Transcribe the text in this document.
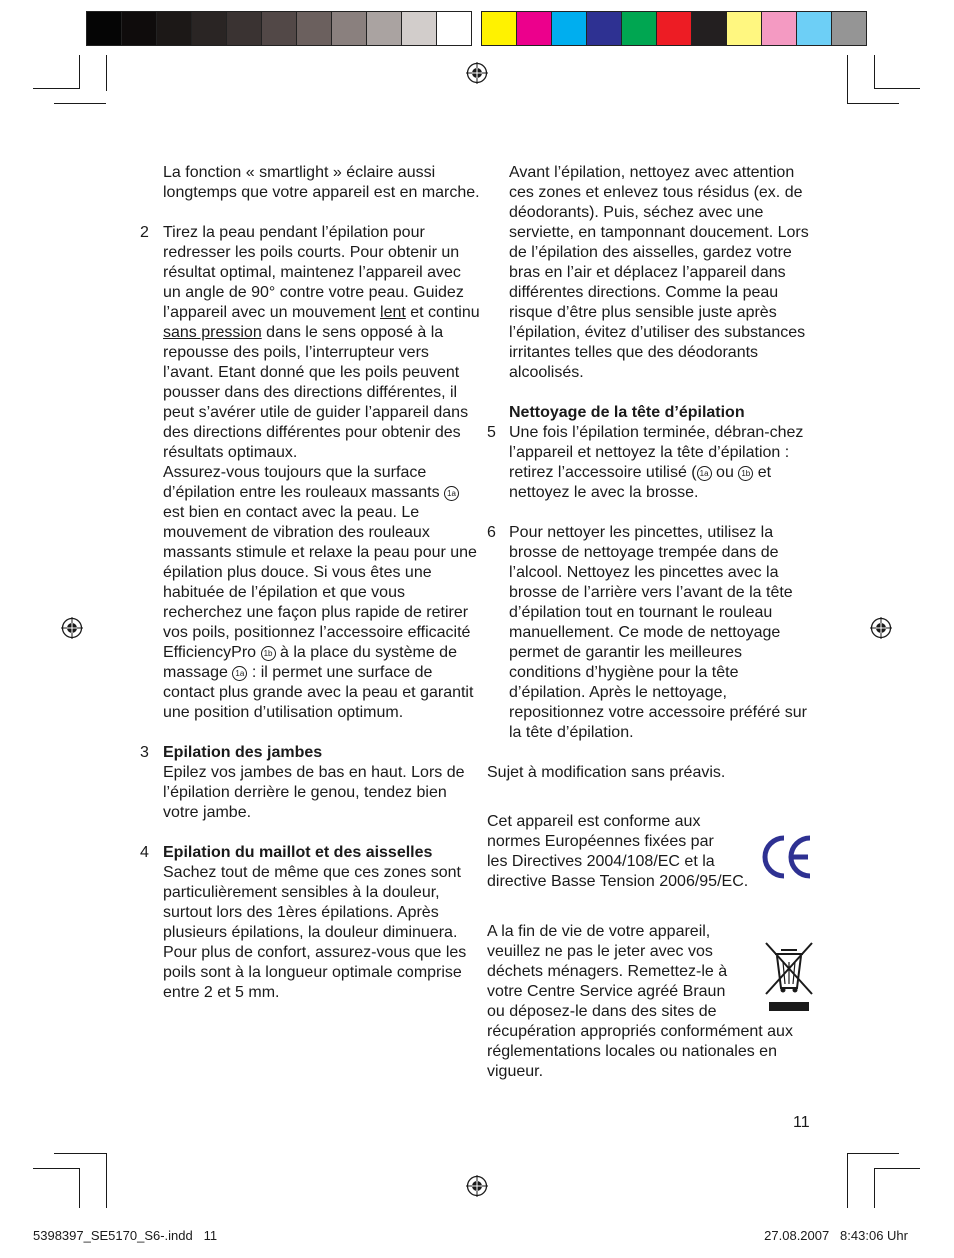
La fonction « smartlight » éclaire aussi longtemps que votre appareil est en marche.

2 Tirez la peau pendant l’épilation pour redresser les poils courts. Pour obtenir un résultat optimal, maintenez l’appareil avec un angle de 90° contre votre peau. Guidez l’appareil avec un mouvement lent et continu sans pression dans le sens opposé à la repousse des poils, l’interrupteur vers l’avant. Etant donné que les poils peuvent pousser dans des directions différentes, il peut s’avérer utile de guider l’appareil dans des directions différentes pour obtenir des résultats optimaux.

Assurez-vous toujours que la surface d’épilation entre les rouleaux massants 1a est bien en contact avec la peau. Le mouvement de vibration des rouleaux massants stimule et relaxe la peau pour une épilation plus douce. Si vous êtes une habituée de l’épilation et que vous recherchez une façon plus rapide de retirer vos poils, positionnez l’accessoire efficacité EfficiencyPro 1b à la place du système de massage 1a : il permet une surface de contact plus grande avec la peau et garantit une position d’utilisation optimum.

3 Epilation des jambes

Epilez vos jambes de bas en haut. Lors de l’épilation derrière le genou, tendez bien votre jambe.

4 Epilation du maillot et des aisselles

Sachez tout de même que ces zones sont particulièrement sensibles à la douleur, surtout lors des 1ères épilations. Après plusieurs épilations, la douleur diminuera. Pour plus de confort, assurez-vous que les poils sont à la longueur optimale comprise entre 2 et 5 mm.

Avant l’épilation, nettoyez avec attention ces zones et enlevez tous résidus (ex. de déodorants). Puis, séchez avec une serviette, en tamponnant doucement. Lors de l’épilation des aisselles, gardez votre bras en l’air et déplacez l’appareil dans différentes directions. Comme la peau risque d’être plus sensible juste après l’épilation, évitez d’utiliser des substances irritantes telles que des déodorants alcoolisés.

Nettoyage de la tête d’épilation

5 Une fois l’épilation terminée, débran-chez l’appareil et nettoyez la tête d’épilation : retirez l’accessoire utilisé ( 1a ou 1b et nettoyez le avec la brosse.

6 Pour nettoyer les pincettes, utilisez la brosse de nettoyage trempée dans de l’alcool. Nettoyez les pincettes avec la brosse de l’arrière vers l’avant de la tête d’épilation tout en tournant le rouleau manuellement. Ce mode de nettoyage permet de garantir les meilleures conditions d’hygiène pour la tête d’épilation. Après le nettoyage, repositionnez votre accessoire préféré sur la tête d’épilation.

Sujet à modification sans préavis.

Cet appareil est conforme aux
normes Européennes fixées par
les Directives 2004/108/EC et la
directive Basse Tension 2006/95/EC.
A la fin de vie de votre appareil,
veuillez ne pas le jeter avec vos
déchets ménagers. Remettez-le à
votre Centre Service agréé Braun
ou déposez-le dans des sites de
récupération appropriés conformément aux réglementations locales ou nationales en vigueur.
11
5398397_SE5170_S6-.indd   11	27.08.2007   8:43:06 Uhr
